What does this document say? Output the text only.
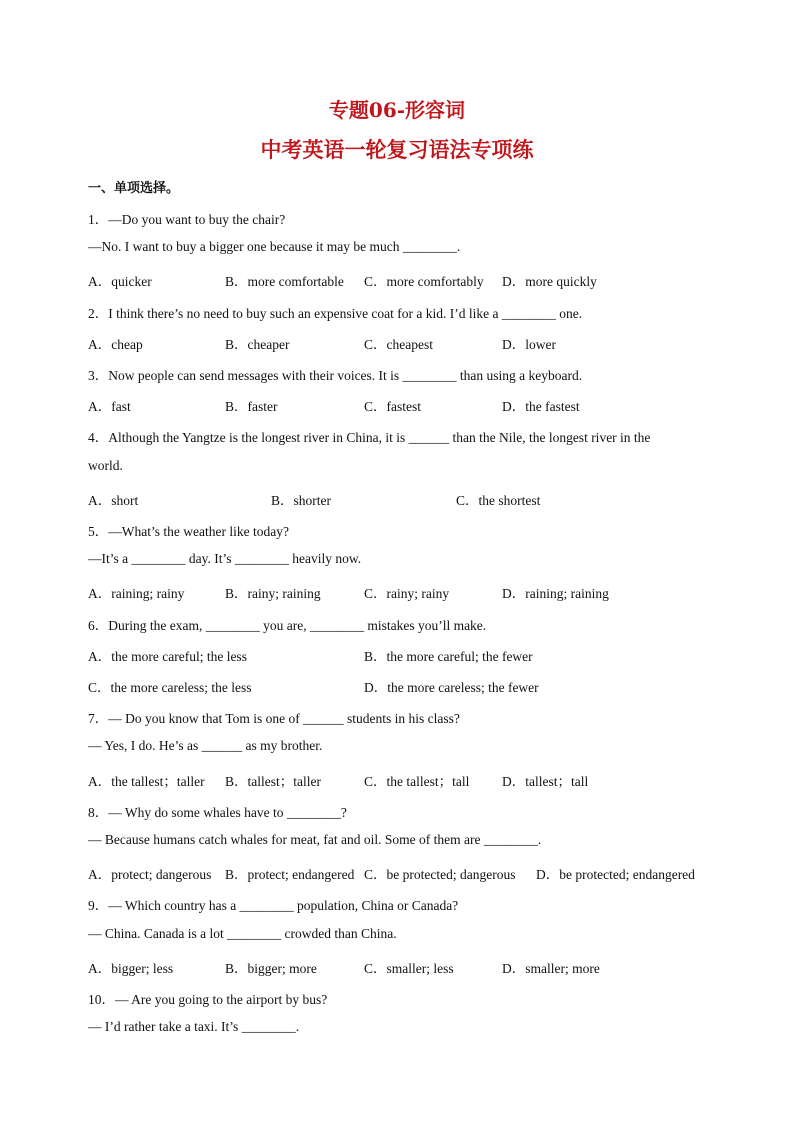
专题06-形容词
中考英语一轮复习语法专项练
一、单项选择。
1．—Do you want to buy the chair?
—No. I want to buy a bigger one because it may be much ________.
A．quicker	B．more comfortable C．more comfortably D．more quickly
2．I think there’s no need to buy such an expensive coat for a kid. I’d like a ________ one.
A．cheap	B．cheaper	C．cheapest	D．lower
3．Now people can send messages with their voices. It is ________ than using a keyboard.
A．fast	B．faster	C．fastest	D．the fastest
4．Although the Yangtze is the longest river in China, it is ______ than the Nile, the longest river in the
world.
A．short	B．shorter	C．the shortest
5．—What’s the weather like today?
—It’s a ________ day. It’s ________ heavily now.
A．raining; rainy	B．rainy; raining	C．rainy; rainy	D．raining; raining
6．During the exam, ________ you are, ________ mistakes you’ll make.
A．the more careful; the less	B．the more careful; the fewer
C．the more careless; the less	D．the more careless; the fewer
7．— Do you know that Tom is one of ______ students in his class?
— Yes, I do. He’s as ______ as my brother.
A．the tallest；taller B．tallest；taller	C．the tallest；tall D．tallest；tall
8．— Why do some whales have to ________?
— Because humans catch whales for meat, fat and oil. Some of them are ________.
A．protect; dangerous B．protect; endangered C．be protected; dangerous D．be protected; endangered
9．— Which country has a ________ population, China or Canada?
— China. Canada is a lot ________ crowded than China.
A．bigger; less	B．bigger; more	C．smaller; less	D．smaller; more
10．— Are you going to the airport by bus?
— I’d rather take a taxi. It’s ________.
